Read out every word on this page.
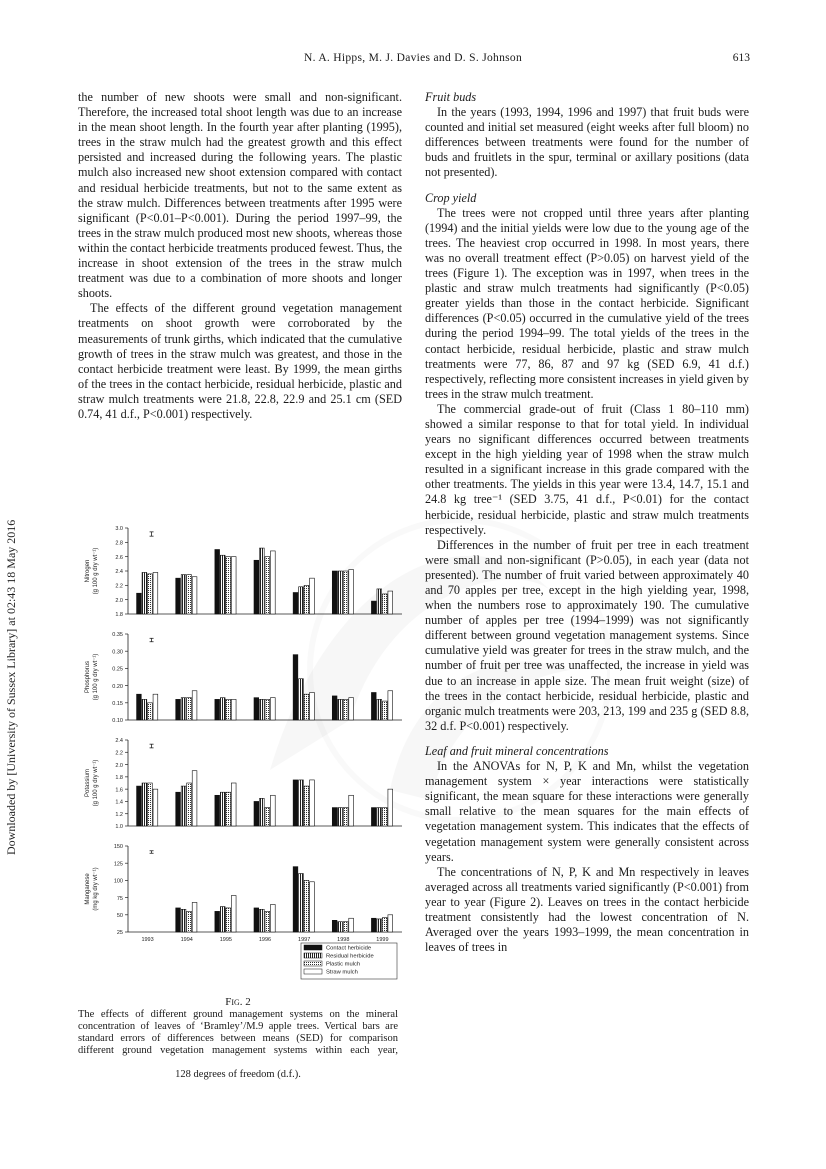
N. A. Hipps, M. J. Davies and D. S. Johnson	613
Downloaded by [University of Sussex Library] at 02:43 18 May 2016

the number of new shoots were small and non-significant. Therefore, the increased total shoot length was due to an increase in the mean shoot length. In the fourth year after planting (1995), trees in the straw mulch had the greatest growth and this effect persisted and increased during the following years. The plastic mulch also increased new shoot extension compared with contact and residual herbicide treatments, but not to the same extent as the straw mulch. Differences between treatments after 1995 were significant (P<0.01–P<0.001). During the period 1997–99, the trees in the straw mulch produced most new shoots, whereas those within the contact herbicide treatments produced fewest. Thus, the increase in shoot extension of the trees in the straw mulch treatment was due to a combination of more shoots and longer shoots.

The effects of the different ground vegetation management treatments on shoot growth were corroborated by the measurements of trunk girths, which indicated that the cumulative growth of trees in the straw mulch was greatest, and those in the contact herbicide treatment were least. By 1999, the mean girths of the trees in the contact herbicide, residual herbicide, plastic and straw mulch treatments were 21.8, 22.8, 22.9 and 25.1 cm (SED 0.74, 41 d.f., P<0.001) respectively.

Fruit buds

In the years (1993, 1994, 1996 and 1997) that fruit buds were counted and initial set measured (eight weeks after full bloom) no differences between treatments were found for the number of buds and fruitlets in the spur, terminal or axillary positions (data not presented).

Crop yield

The trees were not cropped until three years after planting (1994) and the initial yields were low due to the young age of the trees. The heaviest crop occurred in 1998. In most years, there was no overall treatment effect (P>0.05) on harvest yield of the trees (Figure 1). The exception was in 1997, when trees in the plastic and straw mulch treatments had significantly (P<0.05) greater yields than those in the contact herbicide. Significant differences (P<0.05) occurred in the cumulative yield of the trees during the period 1994–99. The total yields of the trees in the contact herbicide, residual herbicide, plastic and straw mulch treatments were 77, 86, 87 and 97 kg (SED 6.9, 41 d.f.) respectively, reflecting more consistent increases in yield given by trees in the straw mulch treatment.

The commercial grade-out of fruit (Class 1 80–110 mm) showed a similar response to that for total yield. In individual years no significant differences occurred between treatments except in the high yielding year of 1998 when the straw mulch resulted in a significant increase in this grade compared with the other treatments. The yields in this year were 13.4, 14.7, 15.1 and 24.8 kg tree⁻¹ (SED 3.75, 41 d.f., P<0.01) for the contact herbicide, residual herbicide, plastic and straw mulch treatments respectively.

Differences in the number of fruit per tree in each treatment were small and non-significant (P>0.05), in each year (data not presented). The number of fruit varied between approximately 40 and 70 apples per tree, except in the high yielding year, 1998, when the numbers rose to approximately 190. The cumulative number of apples per tree (1994–1999) was not significantly different between ground vegetation management systems. Since cumulative yield was greater for trees in the straw mulch, and the number of fruit per tree was unaffected, the increase in yield was due to an increase in apple size. The mean fruit weight (size) of the trees in the contact herbicide, residual herbicide, plastic and organic mulch treatments were 203, 213, 199 and 235 g (SED 8.8, 32 d.f. P<0.001) respectively.

Leaf and fruit mineral concentrations

In the ANOVAs for N, P, K and Mn, whilst the vegetation management system × year interactions were statistically significant, the mean square for these interactions were generally small relative to the mean squares for the main effects of vegetation management system. This indicates that the effects of vegetation management system were generally consistent across years.

The concentrations of N, P, K and Mn respectively in leaves averaged across all treatments varied significantly (P<0.001) from year to year (Figure 2). Leaves on trees in the contact herbicide treatment consistently had the lowest concentration of N. Averaged over the years 1993–1999, the mean concentration in leaves of trees in

1.8
2.0
2.2
2.4
2.6
2.8
3.0
Nitrogen (g 100 g dry wt⁻¹)
0.10
0.15
0.20
0.25
0.30
0.35
Phosphorus (g 100 g dry wt⁻¹)
1.0
1.2
1.4
1.6
1.8
2.0
2.2
2.4
Potassium (g 100 g dry wt⁻¹)
25
50
75
100
125
150
Manganese (mg kg dry wt⁻¹)
1993	1994	1995	1996	1997	1998	1999
Contact herbicide
Residual herbicide
Plastic mulch
Straw mulch
Fig. 2
The effects of different ground management systems on the mineral concentration of leaves of ‘Bramley’/M.9 apple trees. Vertical bars are standard errors of differences between means (SED) for comparison different ground vegetation management systems within each year,
128 degrees of freedom (d.f.).
